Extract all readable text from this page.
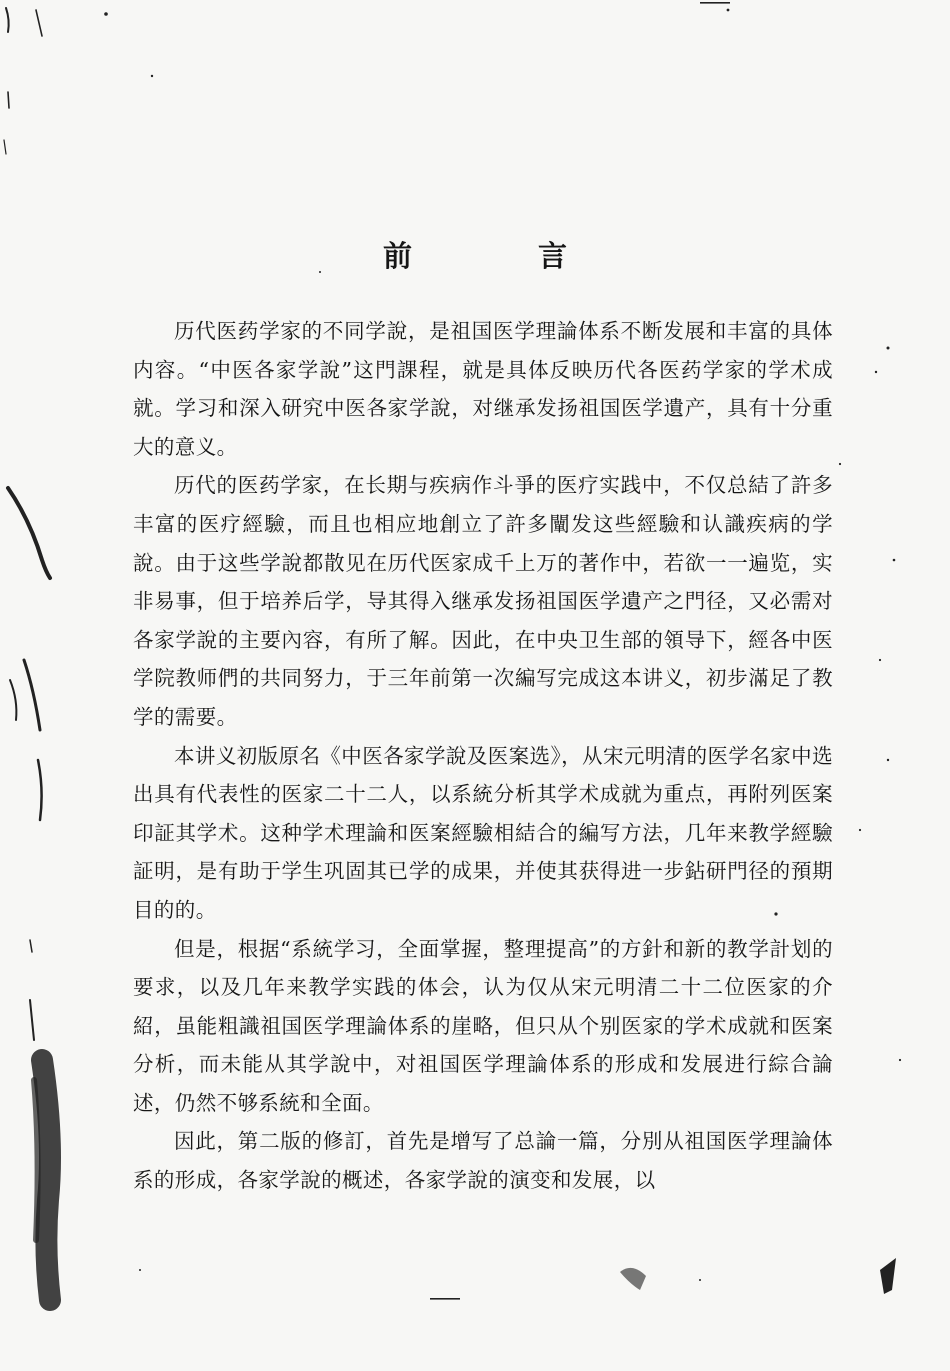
前 言

历代医药学家的不同学說，是祖国医学理論体系不断发展和丰富的具体内容。“中医各家学說”这門課程，就是具体反映历代各医药学家的学术成就。学习和深入研究中医各家学說，对继承发扬祖国医学遺产，具有十分重大的意义。

历代的医药学家，在长期与疾病作斗爭的医疗实践中，不仅总結了許多丰富的医疗經驗，而且也相应地創立了許多闡发这些經驗和认識疾病的学說。由于这些学說都散见在历代医家成千上万的著作中，若欲一一遍览，实非易事，但于培养后学，导其得入继承发扬祖国医学遺产之門径，又必需对各家学說的主要內容，有所了解。因此，在中央卫生部的領导下，經各中医学院教师們的共同努力，于三年前第一次編写完成这本讲义，初步滿足了教学的需要。

本讲义初版原名《中医各家学說及医案选》，从宋元明清的医学名家中选出具有代表性的医家二十二人，以系統分析其学术成就为重点，再附列医案印証其学术。这种学术理論和医案經驗相結合的編写方法，几年来教学經驗証明，是有助于学生巩固其已学的成果，并使其获得进一步鉆研門径的預期目的的。

但是，根据“系統学习，全面掌握，整理提高”的方針和新的教学計划的要求，以及几年来教学实践的体会，认为仅从宋元明清二十二位医家的介紹，虽能粗識祖国医学理論体系的崖略，但只从个别医家的学术成就和医案分析，而未能从其学說中，对祖国医学理論体系的形成和发展进行綜合論述，仍然不够系統和全面。

因此，第二版的修訂，首先是增写了总論一篇，分別从祖国医学理論体系的形成，各家学說的概述，各家学說的演变和发展，以
